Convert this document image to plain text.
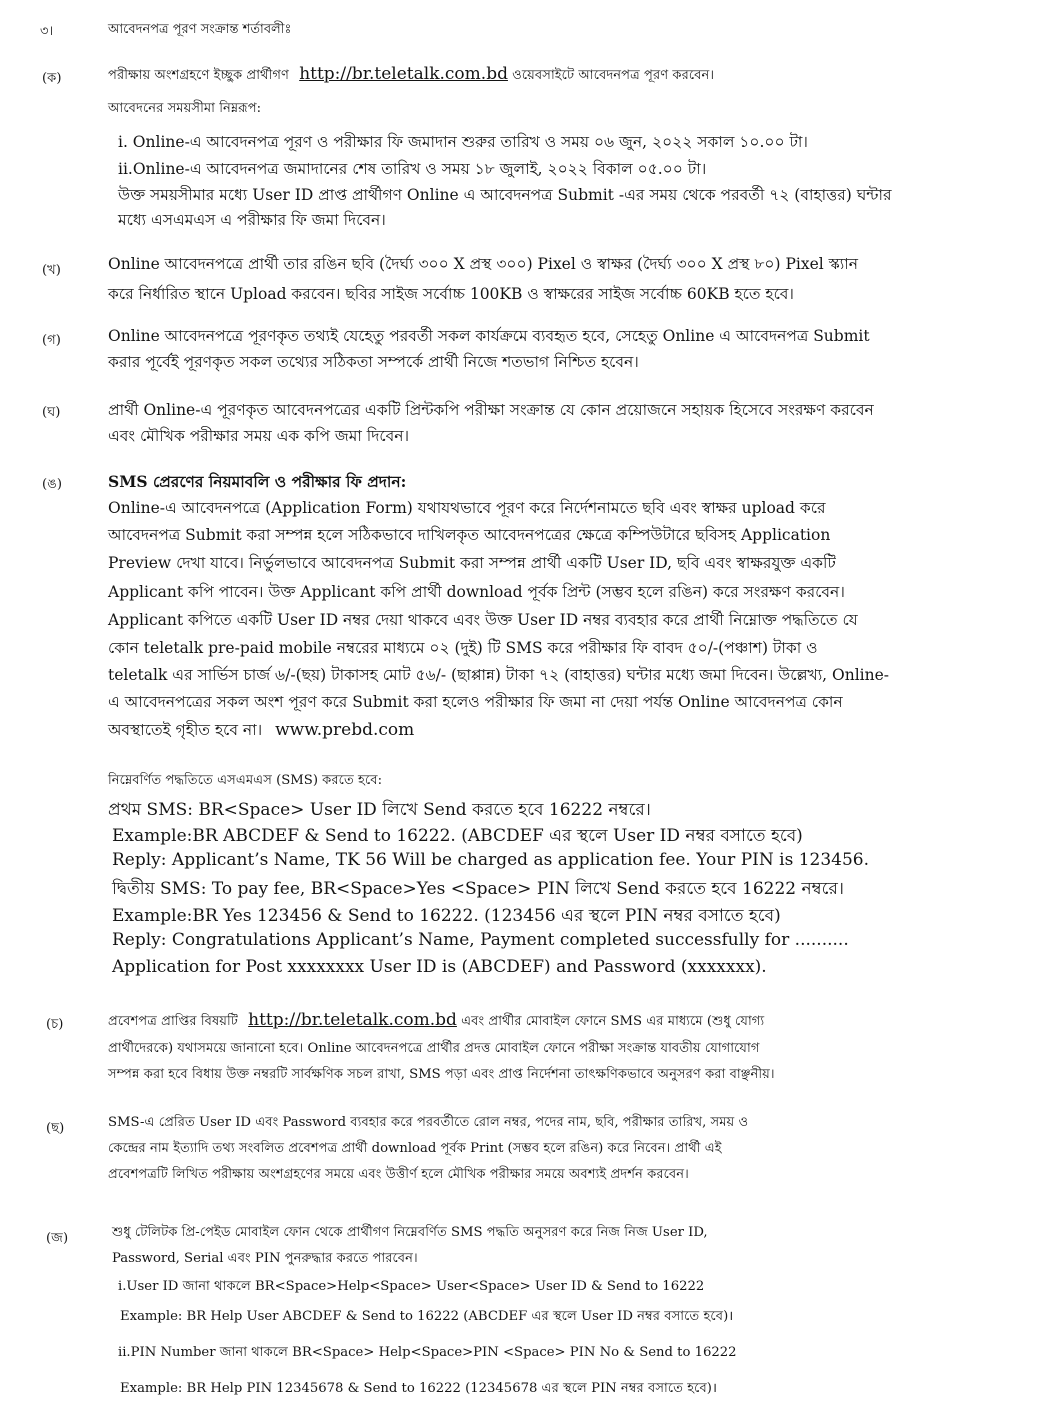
৩।	আবেদনপত্র পূরণ সংক্রান্ত শর্তাবলীঃ
(ক)	পরীক্ষায় অংশগ্রহণে ইচ্ছুক প্রার্থীগণ http://br.teletalk.com.bd ওয়েবসাইটে আবেদনপত্র পূরণ করবেন।
আবেদনের সময়সীমা নিম্নরূপ:
i. Online-এ আবেদনপত্র পূরণ ও পরীক্ষার ফি জমাদান শুরুর তারিখ ও সময় ০৬ জুন, ২০২২ সকাল ১০.০০ টা।
ii.Online-এ আবেদনপত্র জমাদানের শেষ তারিখ ও সময় ১৮ জুলাই, ২০২২ বিকাল ০৫.০০ টা।
উক্ত সময়সীমার মধ্যে User ID প্রাপ্ত প্রার্থীগণ Online এ আবেদনপত্র Submit -এর সময় থেকে পরবর্তী ৭২ (বাহাত্তর) ঘন্টার
মধ্যে এসএমএস এ পরীক্ষার ফি জমা দিবেন।
(খ)	Online আবেদনপত্রে প্রার্থী তার রঙিন ছবি (দৈর্ঘ্য ৩০০ X প্রস্থ ৩০০) Pixel ও স্বাক্ষর (দৈর্ঘ্য ৩০০ X প্রস্থ ৮০) Pixel স্ক্যান
করে নির্ধারিত স্থানে Upload করবেন। ছবির সাইজ সর্বোচ্চ 100KB ও স্বাক্ষরের সাইজ সর্বোচ্চ 60KB হতে হবে।
(গ)	Online আবেদনপত্রে পূরণকৃত তথ্যই যেহেতু পরবর্তী সকল কার্যক্রমে ব্যবহৃত হবে, সেহেতু Online এ আবেদনপত্র Submit
করার পূর্বেই পূরণকৃত সকল তথ্যের সঠিকতা সম্পর্কে প্রার্থী নিজে শতভাগ নিশ্চিত হবেন।
(ঘ)	প্রার্থী Online-এ পূরণকৃত আবেদনপত্রের একটি প্রিন্টকপি পরীক্ষা সংক্রান্ত যে কোন প্রয়োজনে সহায়ক হিসেবে সংরক্ষণ করবেন
এবং মৌখিক পরীক্ষার সময় এক কপি জমা দিবেন।
(ঙ)	SMS প্রেরণের নিয়মাবলি ও পরীক্ষার ফি প্রদান:
Online-এ আবেদনপত্রে (Application Form) যথাযথভাবে পূরণ করে নির্দেশনামতে ছবি এবং স্বাক্ষর upload করে
আবেদনপত্র Submit করা সম্পন্ন হলে সঠিকভাবে দাখিলকৃত আবেদনপত্রের ক্ষেত্রে কম্পিউটারে ছবিসহ Application
Preview দেখা যাবে। নির্ভুলভাবে আবেদনপত্র Submit করা সম্পন্ন প্রার্থী একটি User ID, ছবি এবং স্বাক্ষরযুক্ত একটি
Applicant কপি পাবেন। উক্ত Applicant কপি প্রার্থী download পূর্বক প্রিন্ট (সম্ভব হলে রঙিন) করে সংরক্ষণ করবেন।
Applicant কপিতে একটি User ID নম্বর দেয়া থাকবে এবং উক্ত User ID নম্বর ব্যবহার করে প্রার্থী নিম্নোক্ত পদ্ধতিতে যে
কোন teletalk pre-paid mobile নম্বরের মাধ্যমে ০২ (দুই) টি SMS করে পরীক্ষার ফি বাবদ ৫০/-(পঞ্চাশ) টাকা ও
teletalk এর সার্ভিস চার্জ ৬/-(ছয়) টাকাসহ মোট ৫৬/- (ছাপ্পান্ন) টাকা ৭২ (বাহাত্তর) ঘন্টার মধ্যে জমা দিবেন। উল্লেখ্য, Online-
এ আবেদনপত্রের সকল অংশ পূরণ করে Submit করা হলেও পরীক্ষার ফি জমা না দেয়া পর্যন্ত Online আবেদনপত্র কোন
অবস্থাতেই গৃহীত হবে না। www.prebd.com
নিম্নেবর্ণিত পদ্ধতিতে এসএমএস (SMS) করতে হবে:
প্রথম SMS: BR<Space> User ID লিখে Send করতে হবে 16222 নম্বরে।
Example:BR ABCDEF & Send to 16222. (ABCDEF এর স্থলে User ID নম্বর বসাতে হবে)
Reply: Applicant’s Name, TK 56 Will be charged as application fee. Your PIN is 123456.
দ্বিতীয় SMS: To pay fee, BR<Space>Yes <Space> PIN লিখে Send করতে হবে 16222 নম্বরে।
Example:BR Yes 123456 & Send to 16222. (123456 এর স্থলে PIN নম্বর বসাতে হবে)
Reply: Congratulations Applicant’s Name, Payment completed successfully for ..........
Application for Post xxxxxxxx User ID is (ABCDEF) and Password (xxxxxxx).
(চ)	প্রবেশপত্র প্রাপ্তির বিষয়টি http://br.teletalk.com.bd এবং প্রার্থীর মোবাইল ফোনে SMS এর মাধ্যমে (শুধু যোগ্য
প্রার্থীদেরকে) যথাসময়ে জানানো হবে। Online আবেদনপত্রে প্রার্থীর প্রদত্ত মোবাইল ফোনে পরীক্ষা সংক্রান্ত যাবতীয় যোগাযোগ
সম্পন্ন করা হবে বিধায় উক্ত নম্বরটি সার্বক্ষণিক সচল রাখা, SMS পড়া এবং প্রাপ্ত নির্দেশনা তাৎক্ষণিকভাবে অনুসরণ করা বাঞ্ছনীয়।
(ছ)	SMS-এ প্রেরিত User ID এবং Password ব্যবহার করে পরবর্তীতে রোল নম্বর, পদের নাম, ছবি, পরীক্ষার তারিখ, সময় ও
কেন্দ্রের নাম ইত্যাদি তথ্য সংবলিত প্রবেশপত্র প্রার্থী download পূর্বক Print (সম্ভব হলে রঙিন) করে নিবেন। প্রার্থী এই
প্রবেশপত্রটি লিখিত পরীক্ষায় অংশগ্রহণের সময়ে এবং উত্তীর্ণ হলে মৌখিক পরীক্ষার সময়ে অবশ্যই প্রদর্শন করবেন।
(জ)	শুধু টেলিটক প্রি-পেইড মোবাইল ফোন থেকে প্রার্থীগণ নিম্নেবর্ণিত SMS পদ্ধতি অনুসরণ করে নিজ নিজ User ID,
Password, Serial এবং PIN পুনরুদ্ধার করতে পারবেন।
i.User ID জানা থাকলে BR<Space>Help<Space> User<Space> User ID & Send to 16222
Example: BR Help User ABCDEF & Send to 16222 (ABCDEF এর স্থলে User ID নম্বর বসাতে হবে)।
ii.PIN Number জানা থাকলে BR<Space> Help<Space>PIN <Space> PIN No & Send to 16222
Example: BR Help PIN 12345678 & Send to 16222 (12345678 এর স্থলে PIN নম্বর বসাতে হবে)।
